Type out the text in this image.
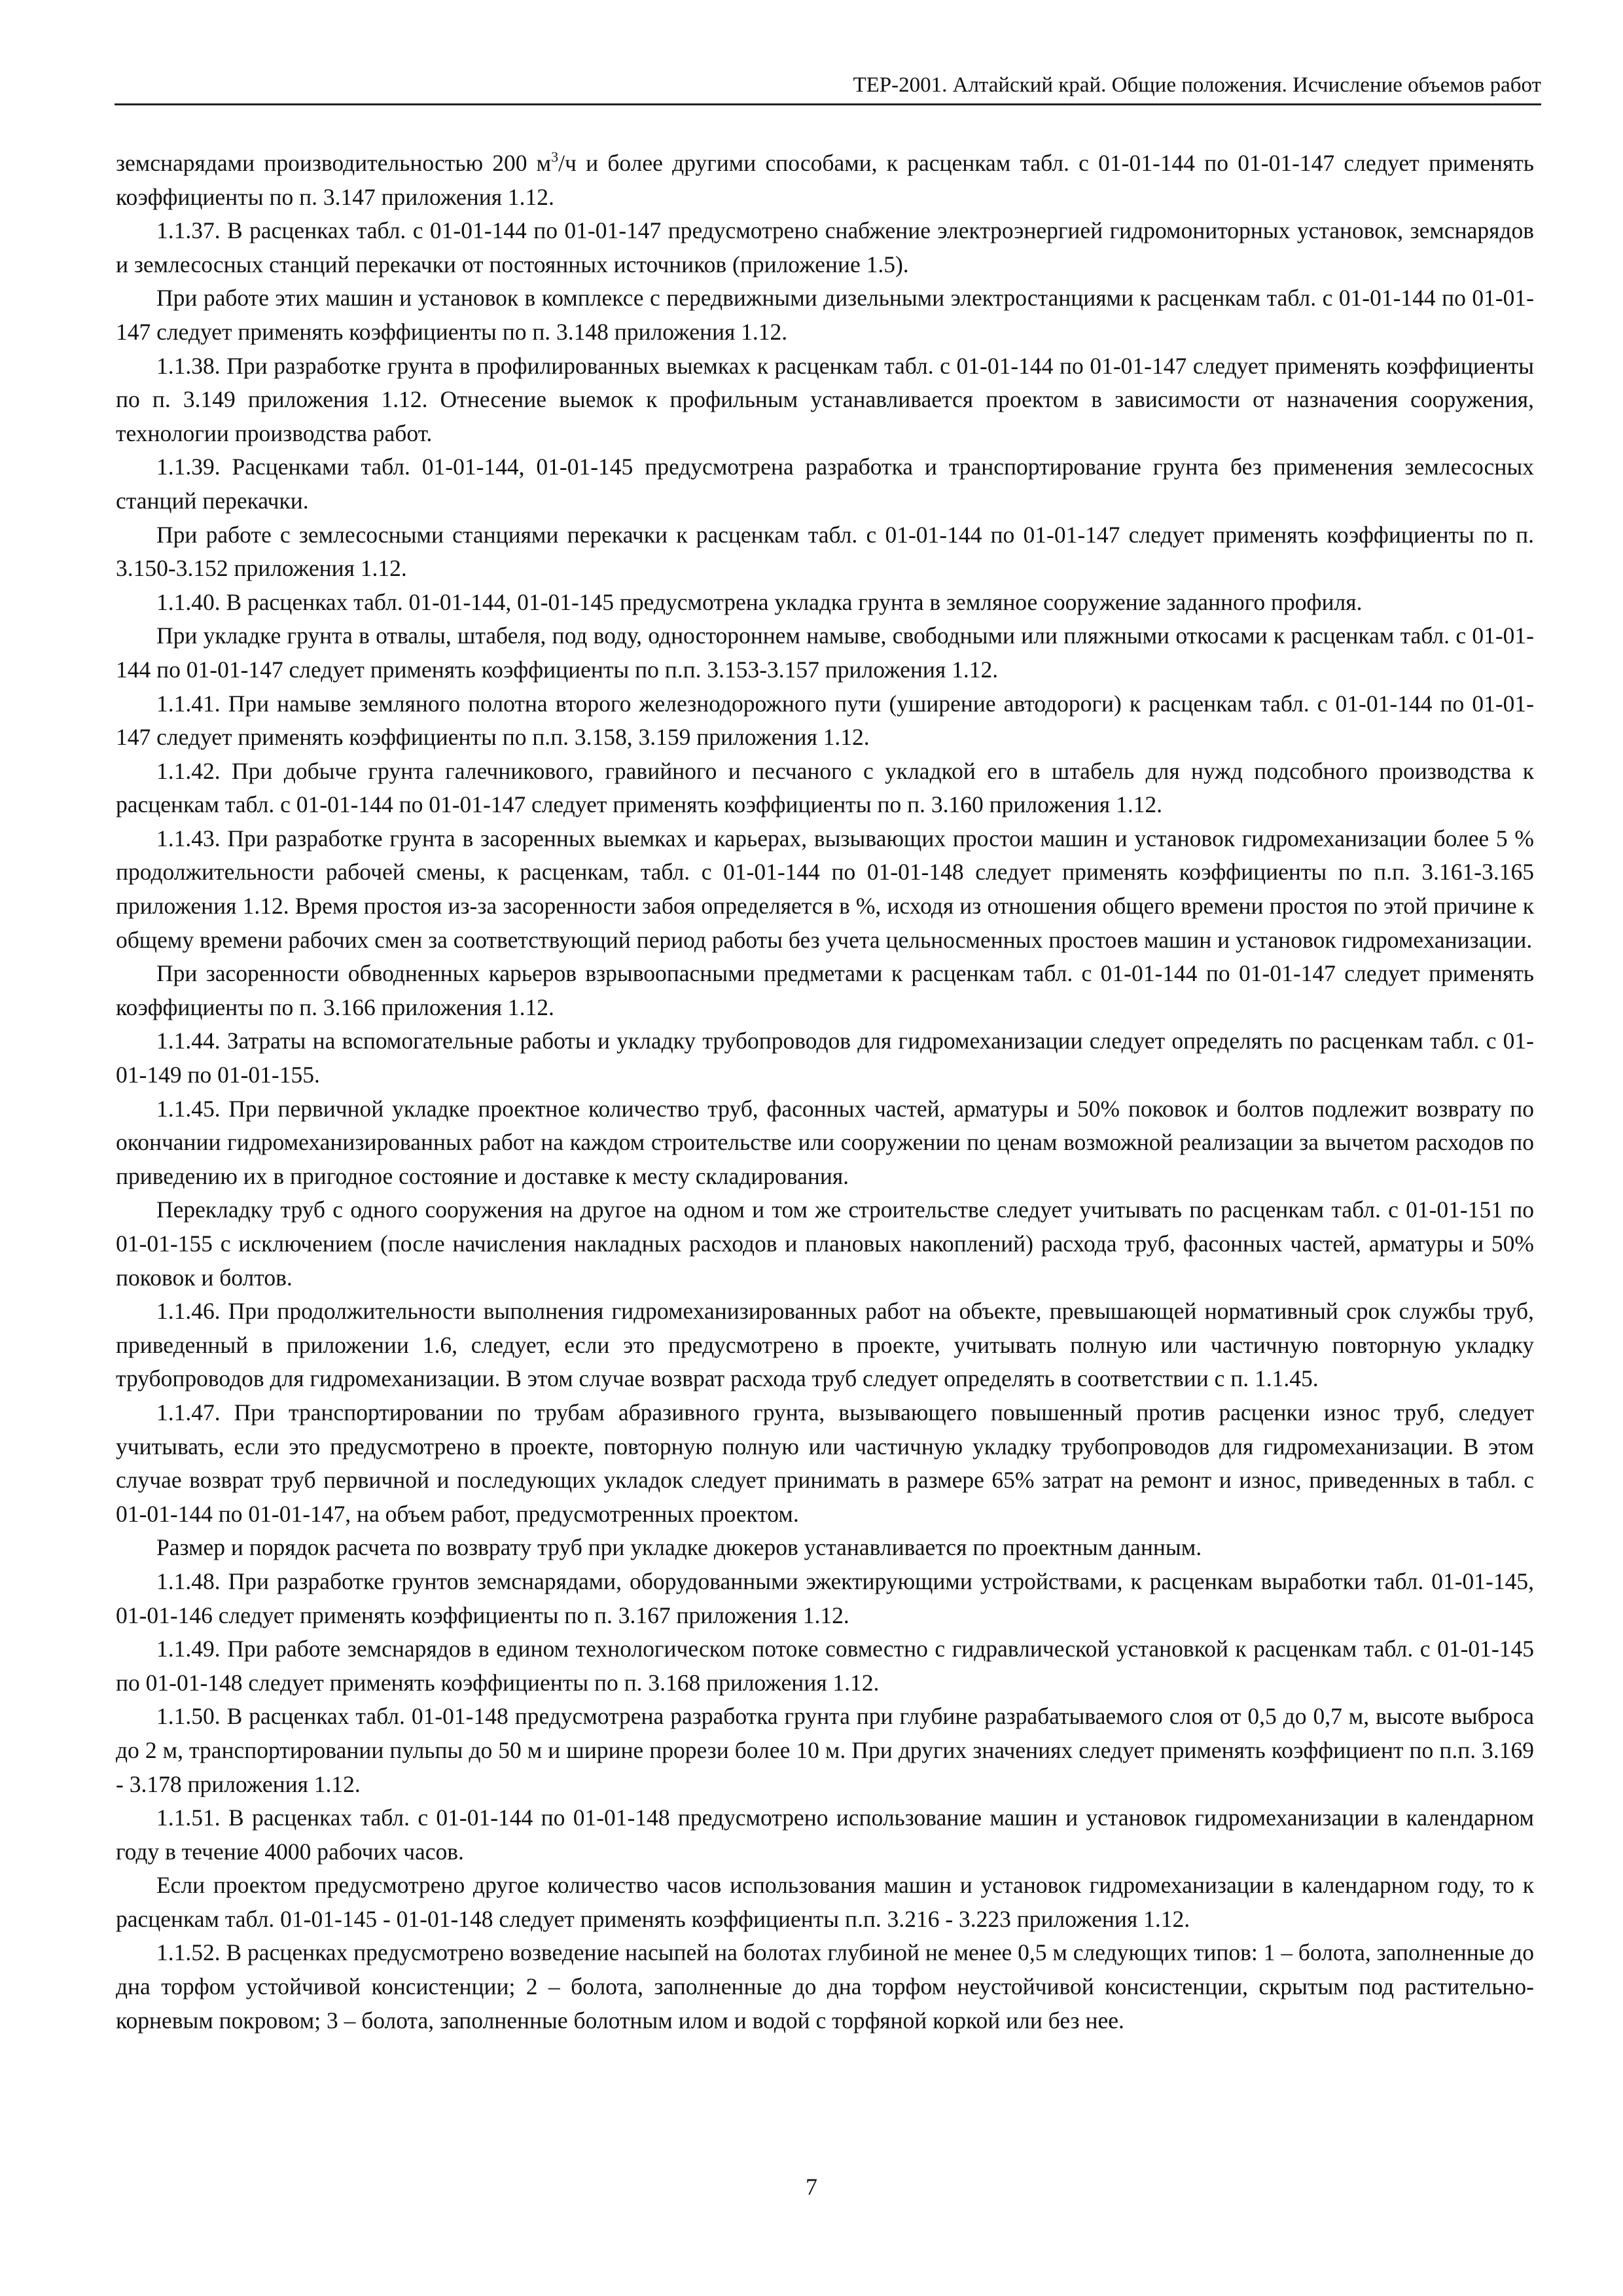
ТЕР-2001. Алтайский край. Общие положения. Исчисление объемов работ

земснарядами производительностью 200 $м^3/ч$ и более другими способами, к расценкам табл. с 01-01-144 по 01-01-147 следует применять коэффициенты по п. 3.147 приложения 1.12.

1.1.37. В расценках табл. с 01-01-144 по 01-01-147 предусмотрено снабжение электроэнергией гидромониторных установок, земснарядов и землесосных станций перекачки от постоянных источников (приложение 1.5).

При работе этих машин и установок в комплексе с передвижными дизельными электростанциями к расценкам табл. с 01-01-144 по 01-01-147 следует применять коэффициенты по п. 3.148 приложения 1.12.

1.1.38. При разработке грунта в профилированных выемках к расценкам табл. с 01-01-144 по 01-01-147 следует применять коэффициенты по п. 3.149 приложения 1.12. Отнесение выемок к профильным устанавливается проектом в зависимости от назначения сооружения, технологии производства работ.

1.1.39. Расценками табл. 01-01-144, 01-01-145 предусмотрена разработка и транспортирование грунта без применения землесосных станций перекачки.

При работе с землесосными станциями перекачки к расценкам табл. с 01-01-144 по 01-01-147 следует применять коэффициенты по п. 3.150-3.152 приложения 1.12.

1.1.40. В расценках табл. 01-01-144, 01-01-145 предусмотрена укладка грунта в земляное сооружение заданного профиля.

При укладке грунта в отвалы, штабеля, под воду, одностороннем намыве, свободными или пляжными откосами к расценкам табл. с 01-01-144 по 01-01-147 следует применять коэффициенты по п.п. 3.153-3.157 приложения 1.12.

1.1.41. При намыве земляного полотна второго железнодорожного пути (уширение автодороги) к расценкам табл. с 01-01-144 по 01-01-147 следует применять коэффициенты по п.п. 3.158, 3.159 приложения 1.12.

1.1.42. При добыче грунта галечникового, гравийного и песчаного с укладкой его в штабель для нужд подсобного производства к расценкам табл. с 01-01-144 по 01-01-147 следует применять коэффициенты по п. 3.160 приложения 1.12.

1.1.43. При разработке грунта в засоренных выемках и карьерах, вызывающих простои машин и установок гидромеханизации более 5 % продолжительности рабочей смены, к расценкам, табл. с 01-01-144 по 01-01-148 следует применять коэффициенты по п.п. 3.161-3.165 приложения 1.12. Время простоя из-за засоренности забоя определяется в %, исходя из отношения общего времени простоя по этой причине к общему времени рабочих смен за соответствующий период работы без учета цельносменных простоев машин и установок гидромеханизации.

При засоренности обводненных карьеров взрывоопасными предметами к расценкам табл. с 01-01-144 по 01-01-147 следует применять коэффициенты по п. 3.166 приложения 1.12.

1.1.44. Затраты на вспомогательные работы и укладку трубопроводов для гидромеханизации следует определять по расценкам табл. с 01-01-149 по 01-01-155.

1.1.45. При первичной укладке проектное количество труб, фасонных частей, арматуры и 50% поковок и болтов подлежит возврату по окончании гидромеханизированных работ на каждом строительстве или сооружении по ценам возможной реализации за вычетом расходов по приведению их в пригодное состояние и доставке к месту складирования.

Перекладку труб с одного сооружения на другое на одном и том же строительстве следует учитывать по расценкам табл. с 01-01-151 по 01-01-155 с исключением (после начисления накладных расходов и плановых накоплений) расхода труб, фасонных частей, арматуры и 50% поковок и болтов.

1.1.46. При продолжительности выполнения гидромеханизированных работ на объекте, превышающей нормативный срок службы труб, приведенный в приложении 1.6, следует, если это предусмотрено в проекте, учитывать полную или частичную повторную укладку трубопроводов для гидромеханизации. В этом случае возврат расхода труб следует определять в соответствии с п. 1.1.45.

1.1.47. При транспортировании по трубам абразивного грунта, вызывающего повышенный против расценки износ труб, следует учитывать, если это предусмотрено в проекте, повторную полную или частичную укладку трубопроводов для гидромеханизации. В этом случае возврат труб первичной и последующих укладок следует принимать в размере 65% затрат на ремонт и износ, приведенных в табл. с 01-01-144 по 01-01-147, на объем работ, предусмотренных проектом.

Размер и порядок расчета по возврату труб при укладке дюкеров устанавливается по проектным данным.

1.1.48. При разработке грунтов земснарядами, оборудованными эжектирующими устройствами, к расценкам выработки табл. 01-01-145, 01-01-146 следует применять коэффициенты по п. 3.167 приложения 1.12.

1.1.49. При работе земснарядов в едином технологическом потоке совместно с гидравлической установкой к расценкам табл. с 01-01-145 по 01-01-148 следует применять коэффициенты по п. 3.168 приложения 1.12.

1.1.50. В расценках табл. 01-01-148 предусмотрена разработка грунта при глубине разрабатываемого слоя от 0,5 до 0,7 м, высоте выброса до 2 м, транспортировании пульпы до 50 м и ширине прорези более 10 м. При других значениях следует применять коэффициент по п.п. 3.169 - 3.178 приложения 1.12.

1.1.51. В расценках табл. с 01-01-144 по 01-01-148 предусмотрено использование машин и установок гидромеханизации в календарном году в течение 4000 рабочих часов.

Если проектом предусмотрено другое количество часов использования машин и установок гидромеханизации в календарном году, то к расценкам табл. 01-01-145 - 01-01-148 следует применять коэффициенты п.п. 3.216 - 3.223 приложения 1.12.

1.1.52. В расценках предусмотрено возведение насыпей на болотах глубиной не менее 0,5 м следующих типов: 1 – болота, заполненные до дна торфом устойчивой консистенции; 2 – болота, заполненные до дна торфом неустойчивой консистенции, скрытым под растительно-корневым покровом; 3 – болота, заполненные болотным илом и водой с торфяной коркой или без нее.

7
